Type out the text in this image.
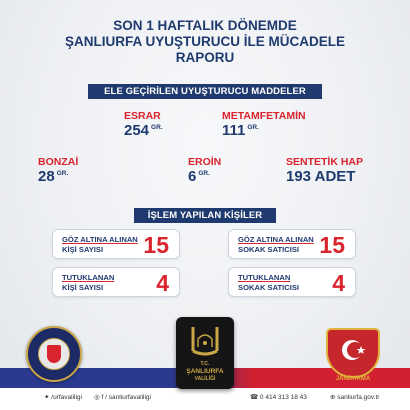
SON 1 HAFTALIK DÖNEMDE
ŞANLIURFA UYUŞTURUCU İLE MÜCADELE
RAPORU
ELE GEÇİRİLEN UYUŞTURUCU MADDELER
ESRAR
254 $^{GR.}$
METAMFETAMİN
111 $^{GR.}$
BONZAİ
28 $^{GR.}$
EROİN
6 $^{GR.}$
SENTETİK HAP
193 ADET
İŞLEM YAPILAN KİŞİLER
GÖZ ALTINA ALINAN
KİŞİ SAYISI	15	GÖZ ALTINA ALINAN
SOKAK SATICISI 15
TUTUKLANAN
KİŞİ SAYISI	4	TUTUKLANAN
SOKAK SATICISI 4
T.C.
ŞANLIURFA
VALİLİĞİ	JANDARMA
✦ /urfavaliligi ◎ f / sanliurfavaliligi	☎ 0 414 313 18 43	⊕ sanliurfa.gov.tr
